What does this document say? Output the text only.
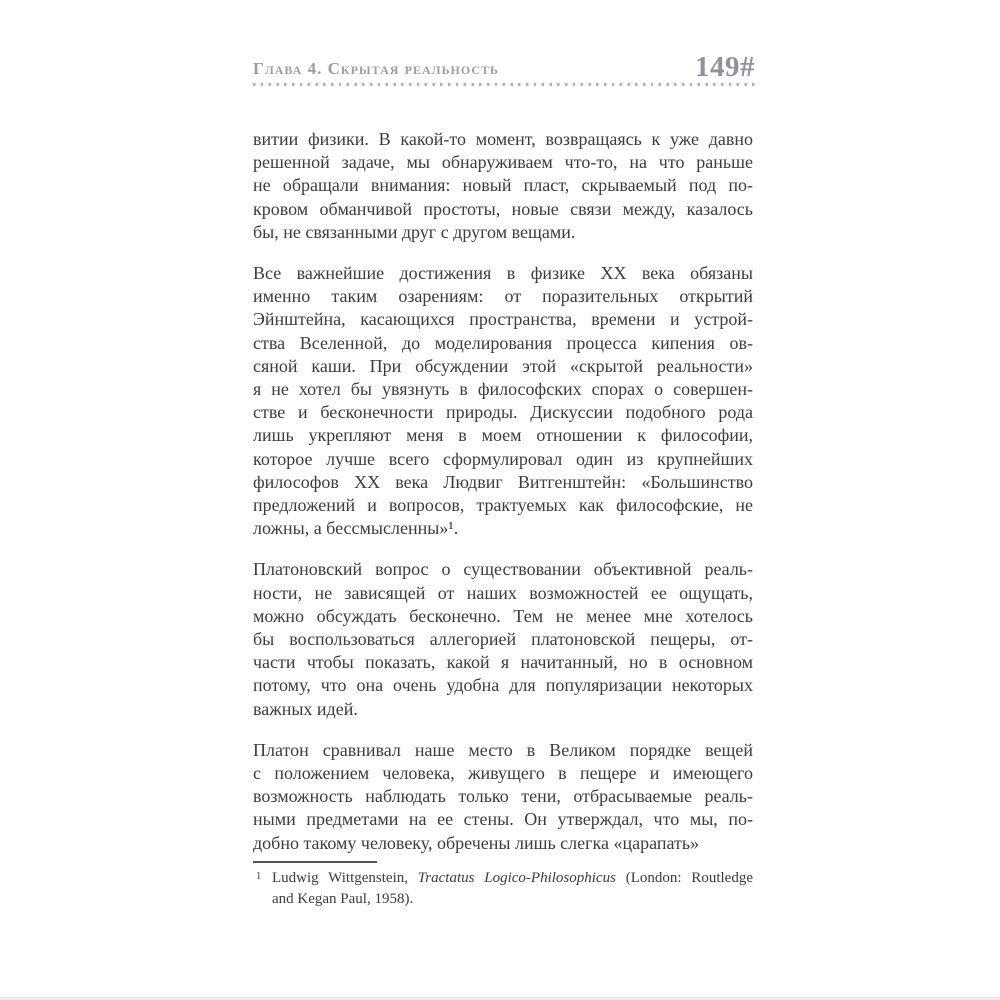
Глава 4. Скрытая реальность	149#
витии физики. В какой-то момент, возвращаясь к уже давно
решенной задаче, мы обнаруживаем что-то, на что раньше
не обращали внимания: новый пласт, скрываемый под по-
кровом обманчивой простоты, новые связи между, казалось
бы, не связанными друг с другом вещами.
Все важнейшие достижения в физике XX века обязаны
именно таким озарениям: от поразительных открытий
Эйнштейна, касающихся пространства, времени и устрой-
ства Вселенной, до моделирования процесса кипения ов-
сяной каши. При обсуждении этой «скрытой реальности»
я не хотел бы увязнуть в философских спорах о совершен-
стве и бесконечности природы. Дискуссии подобного рода
лишь укрепляют меня в моем отношении к философии,
которое лучше всего сформулировал один из крупнейших
философов XX века Людвиг Витгенштейн: «Большинство
предложений и вопросов, трактуемых как философские, не
ложны, а бессмысленны»¹.
Платоновский вопрос о существовании объективной реаль-
ности, не зависящей от наших возможностей ее ощущать,
можно обсуждать бесконечно. Тем не менее мне хотелось
бы воспользоваться аллегорией платоновской пещеры, от-
части чтобы показать, какой я начитанный, но в основном
потому, что она очень удобна для популяризации некоторых
важных идей.
Платон сравнивал наше место в Великом порядке вещей
с положением человека, живущего в пещере и имеющего
возможность наблюдать только тени, отбрасываемые реаль-
ными предметами на ее стены. Он утверждал, что мы, по-
добно такому человеку, обречены лишь слегка «царапать»
1 Ludwig Wittgenstein, Tractatus Logico-Philosophicus (London: Routledge
and Kegan Paul, 1958).
